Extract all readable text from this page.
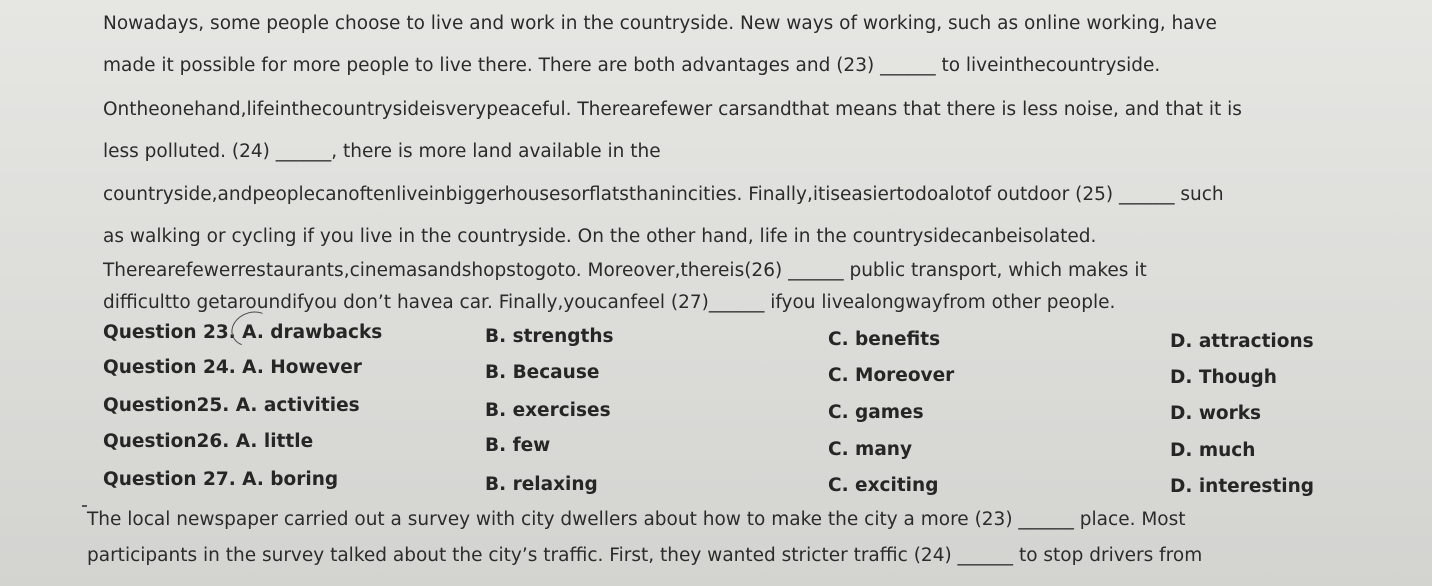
Nowadays, some people choose to live and work in the countryside. New ways of working, such as online working, have
made it possible for more people to live there. There are both advantages and (23) ______ to liveinthecountryside.
Ontheonehand,lifeinthecountrysideisverypeaceful. Therearefewer carsandthat means that there is less noise, and that it is
less polluted. (24) ______, there is more land available in the
countryside,andpeoplecanoftenliveinbiggerhousesorflatsthanincities. Finally,itiseasiertodoalotof outdoor (25) ______ such
as walking or cycling if you live in the countryside. On the other hand, life in the countrysidecanbeisolated.
Therearefewerrestaurants,cinemasandshopstogoto. Moreover,thereis(26) ______ public transport, which makes it
difficultto getaroundifyou don’t havea car. Finally,youcanfeel (27)______ ifyou livealongwayfrom other people.
Question 23. A. drawbacks	B. strengths	C. benefits	D. attractions
Question 24. A. However	B. Because	C. Moreover	D. Though
Question25. A. activities	B. exercises	C. games	D. works
Question26. A. little	B. few	C. many	D. much
Question 27. A. boring	B. relaxing	C. exciting	D. interesting
The local newspaper carried out a survey with city dwellers about how to make the city a more (23) ______ place. Most
participants in the survey talked about the city’s traffic. First, they wanted stricter traffic (24) ______ to stop drivers from
